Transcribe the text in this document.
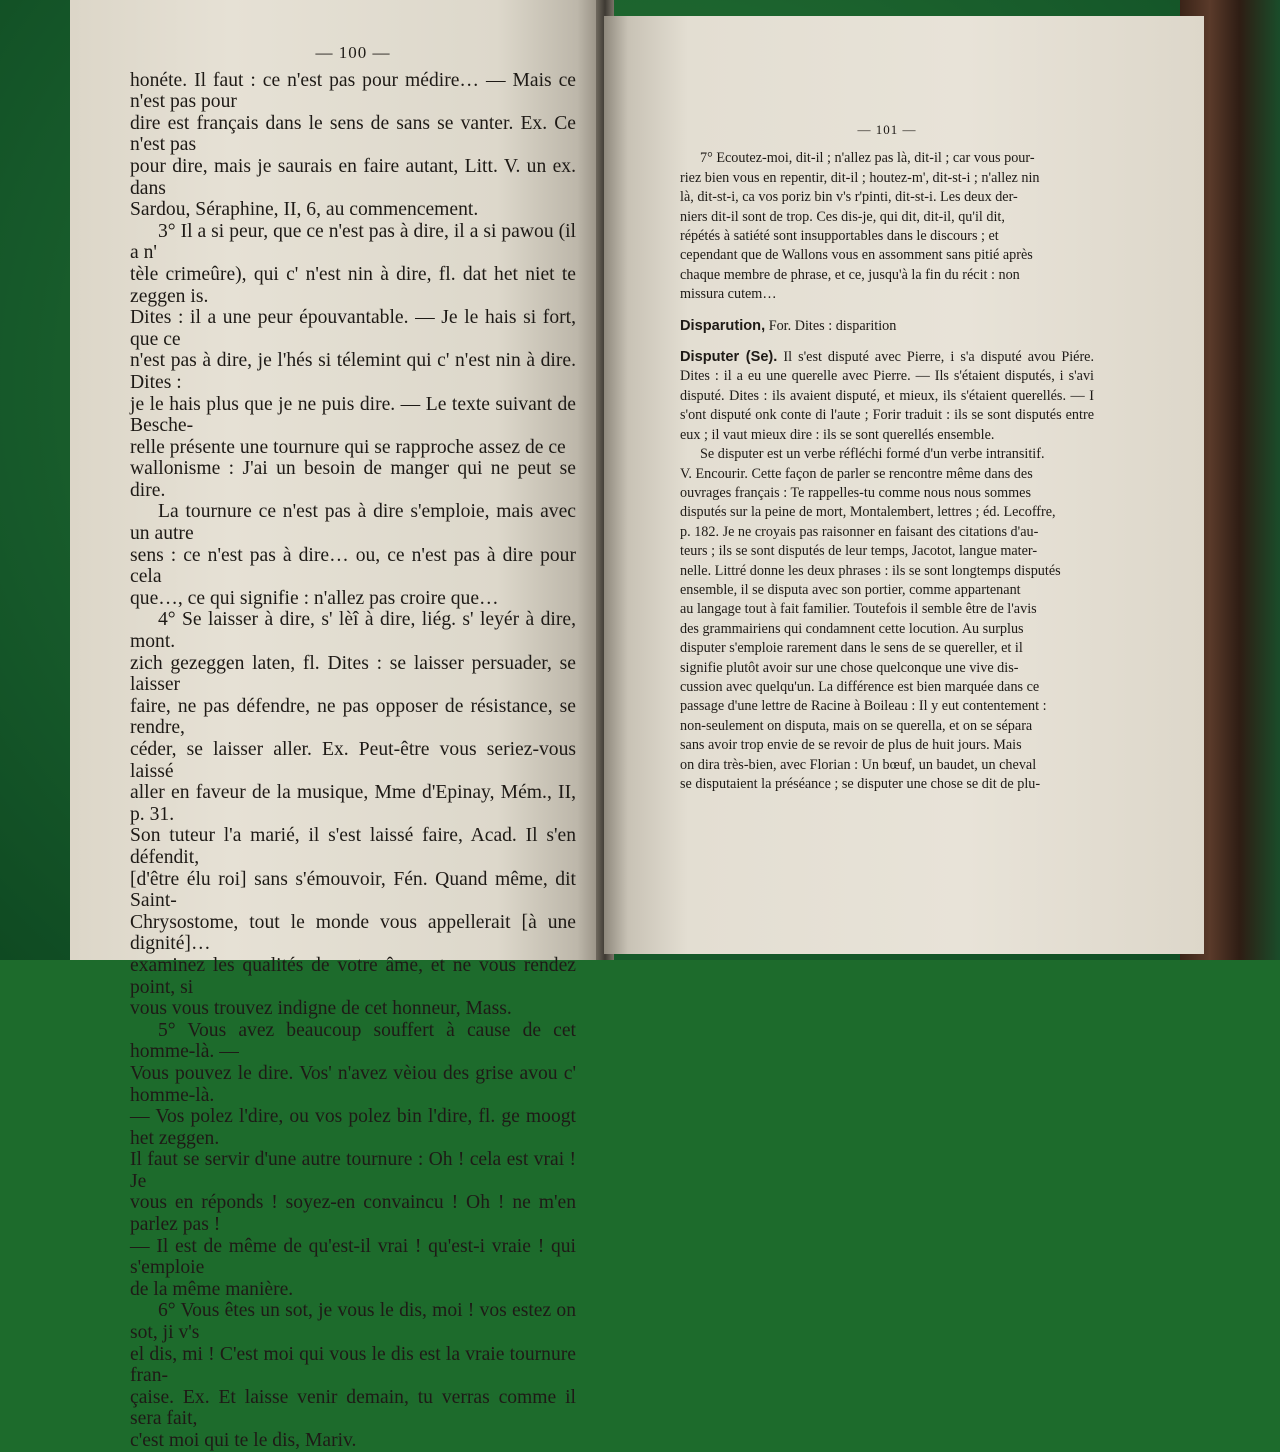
— 100 —

honéte. Il faut : ce n'est pas pour médire… — Mais ce n'est pas pour

dire est français dans le sens de sans se vanter. Ex. Ce n'est pas

pour dire, mais je saurais en faire autant, Litt. V. un ex. dans

Sardou, Séraphine, II, 6, au commencement.

3° Il a si peur, que ce n'est pas à dire, il a si pawou (il a n'

tèle crimeûre), qui c' n'est nin à dire, fl. dat het niet te zeggen is.

Dites : il a une peur épouvantable. — Je le hais si fort, que ce

n'est pas à dire, je l'hés si télemint qui c' n'est nin à dire. Dites :

je le hais plus que je ne puis dire. — Le texte suivant de Besche-

relle présente une tournure qui se rapproche assez de ce

wallonisme : J'ai un besoin de manger qui ne peut se dire.

La tournure ce n'est pas à dire s'emploie, mais avec un autre

sens : ce n'est pas à dire… ou, ce n'est pas à dire pour cela

que…, ce qui signifie : n'allez pas croire que…

4° Se laisser à dire, s' lèî à dire, liég. s' leyér à dire, mont.

zich gezeggen laten, fl. Dites : se laisser persuader, se laisser

faire, ne pas défendre, ne pas opposer de résistance, se rendre,

céder, se laisser aller. Ex. Peut-être vous seriez-vous laissé

aller en faveur de la musique, Mme d'Epinay, Mém., II, p. 31.

Son tuteur l'a marié, il s'est laissé faire, Acad. Il s'en défendit,

[d'être élu roi] sans s'émouvoir, Fén. Quand même, dit Saint-

Chrysostome, tout le monde vous appellerait [à une dignité]…

examinez les qualités de votre âme, et ne vous rendez point, si

vous vous trouvez indigne de cet honneur, Mass.

5° Vous avez beaucoup souffert à cause de cet homme-là. —

Vous pouvez le dire. Vos' n'avez vèiou des grise avou c' homme-là.

— Vos polez l'dire, ou vos polez bin l'dire, fl. ge moogt het zeggen.

Il faut se servir d'une autre tournure : Oh ! cela est vrai ! Je

vous en réponds ! soyez-en convaincu ! Oh ! ne m'en parlez pas !

— Il est de même de qu'est-il vrai ! qu'est-i vraie ! qui s'emploie

de la même manière.

6° Vous êtes un sot, je vous le dis, moi ! vos estez on sot, ji v's

el dis, mi ! C'est moi qui vous le dis est la vraie tournure fran-

çaise. Ex. Et laisse venir demain, tu verras comme il sera fait,

c'est moi qui te le dis, Mariv.

— 101 —

7° Ecoutez-moi, dit-il ; n'allez pas là, dit-il ; car vous pour-

riez bien vous en repentir, dit-il ; houtez-m', dit-st-i ; n'allez nin

là, dit-st-i, ca vos poriz bin v's r'pinti, dit-st-i. Les deux der-

niers dit-il sont de trop. Ces dis-je, qui dit, dit-il, qu'il dit,

répétés à satiété sont insupportables dans le discours ; et

cependant que de Wallons vous en assomment sans pitié après

chaque membre de phrase, et ce, jusqu'à la fin du récit : non

missura cutem…

Disparution, For. Dites : disparition

Disputer (Se). Il s'est disputé avec Pierre, i s'a disputé avou Piére. Dites : il a eu une querelle avec Pierre. — Ils s'étaient disputés, i s'avi disputé. Dites : ils avaient disputé, et mieux, ils s'étaient querellés. — I s'ont disputé onk conte di l'aute ; Forir traduit : ils se sont disputés entre eux ; il vaut mieux dire : ils se sont querellés ensemble.

Se disputer est un verbe réfléchi formé d'un verbe intransitif.

V. Encourir. Cette façon de parler se rencontre même dans des

ouvrages français : Te rappelles-tu comme nous nous sommes

disputés sur la peine de mort, Montalembert, lettres ; éd. Lecoffre,

p. 182. Je ne croyais pas raisonner en faisant des citations d'au-

teurs ; ils se sont disputés de leur temps, Jacotot, langue mater-

nelle. Littré donne les deux phrases : ils se sont longtemps disputés

ensemble, il se disputa avec son portier, comme appartenant

au langage tout à fait familier. Toutefois il semble être de l'avis

des grammairiens qui condamnent cette locution. Au surplus

disputer s'emploie rarement dans le sens de se quereller, et il

signifie plutôt avoir sur une chose quelconque une vive dis-

cussion avec quelqu'un. La différence est bien marquée dans ce

passage d'une lettre de Racine à Boileau : Il y eut contentement :

non-seulement on disputa, mais on se querella, et on se sépara

sans avoir trop envie de se revoir de plus de huit jours. Mais

on dira très-bien, avec Florian : Un bœuf, un baudet, un cheval

se disputaient la préséance ; se disputer une chose se dit de plu-
